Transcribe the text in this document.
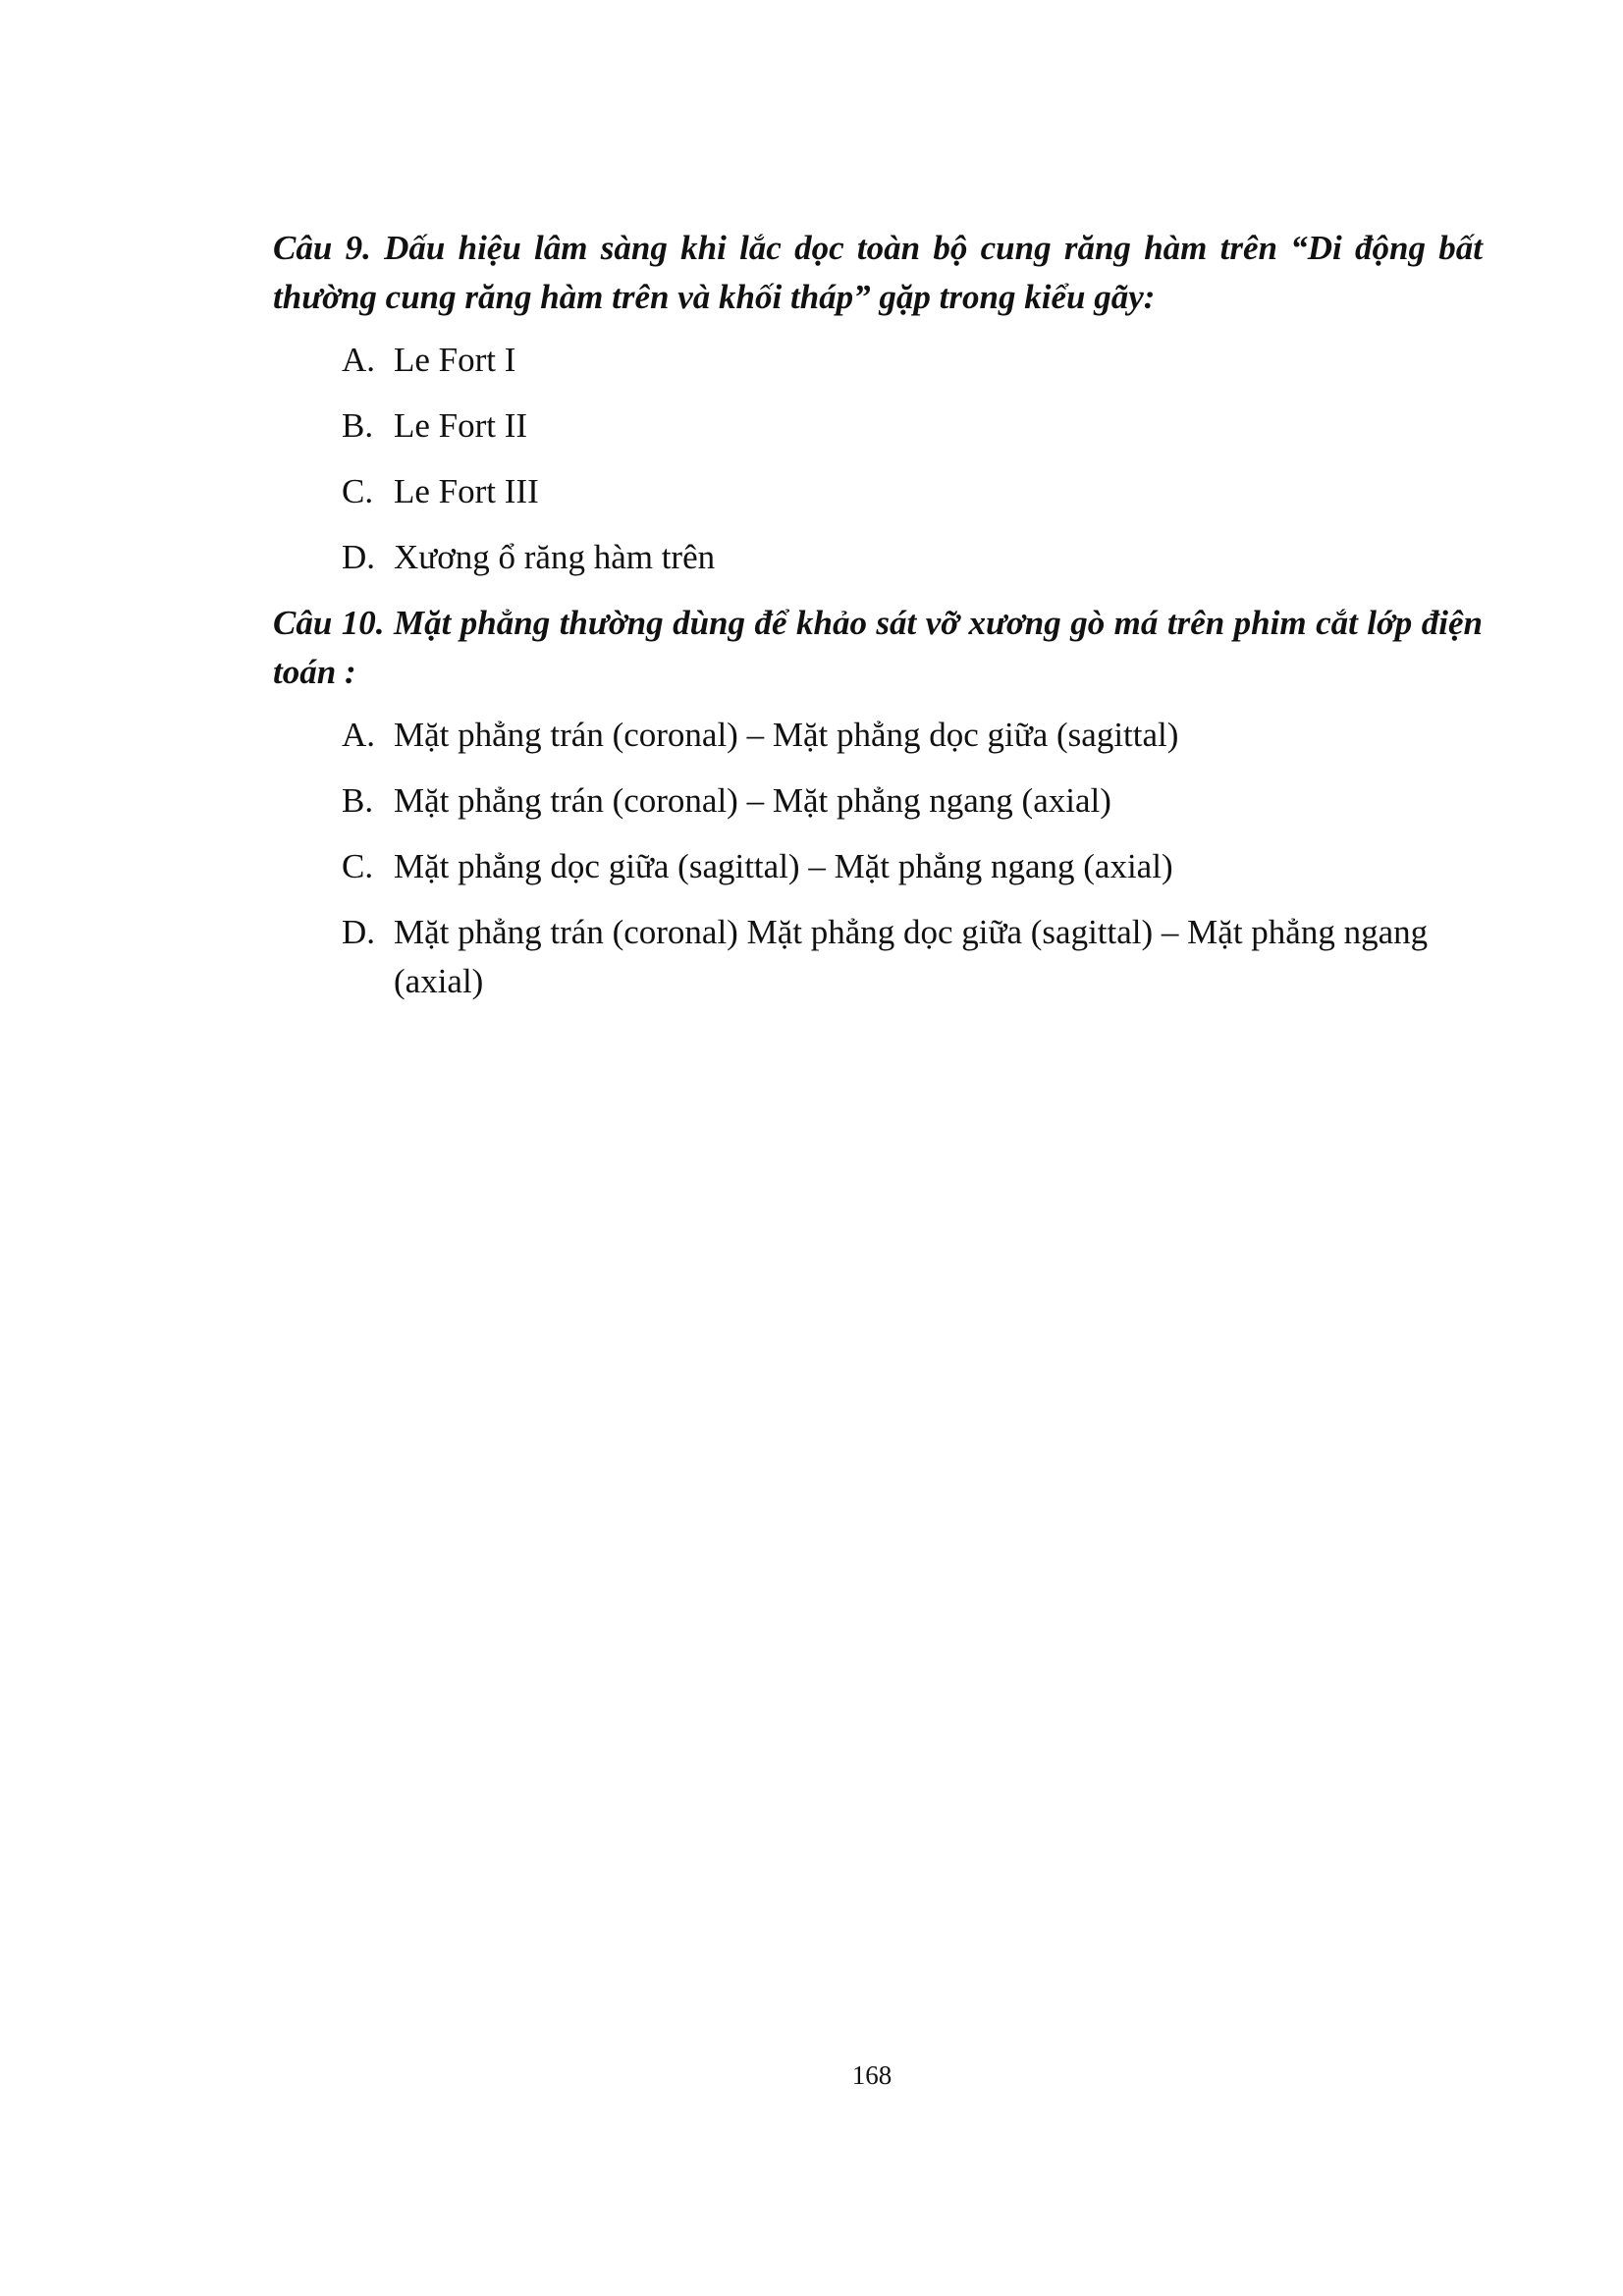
Câu 9. Dấu hiệu lâm sàng khi lắc dọc toàn bộ cung răng hàm trên “Di động bất thường cung răng hàm trên và khối tháp” gặp trong kiểu gãy:

A. Le Fort I
B. Le Fort II
C. Le Fort III
D. Xương ổ răng hàm trên

Câu 10. Mặt phẳng thường dùng để khảo sát vỡ xương gò má trên phim cắt lớp điện toán :

A. Mặt phẳng trán (coronal) – Mặt phẳng dọc giữa (sagittal)
B. Mặt phẳng trán (coronal) – Mặt phẳng ngang (axial)
C. Mặt phẳng dọc giữa (sagittal) – Mặt phẳng ngang (axial)
D. Mặt phẳng trán (coronal) Mặt phẳng dọc giữa (sagittal) – Mặt phẳng ngang (axial)
168
